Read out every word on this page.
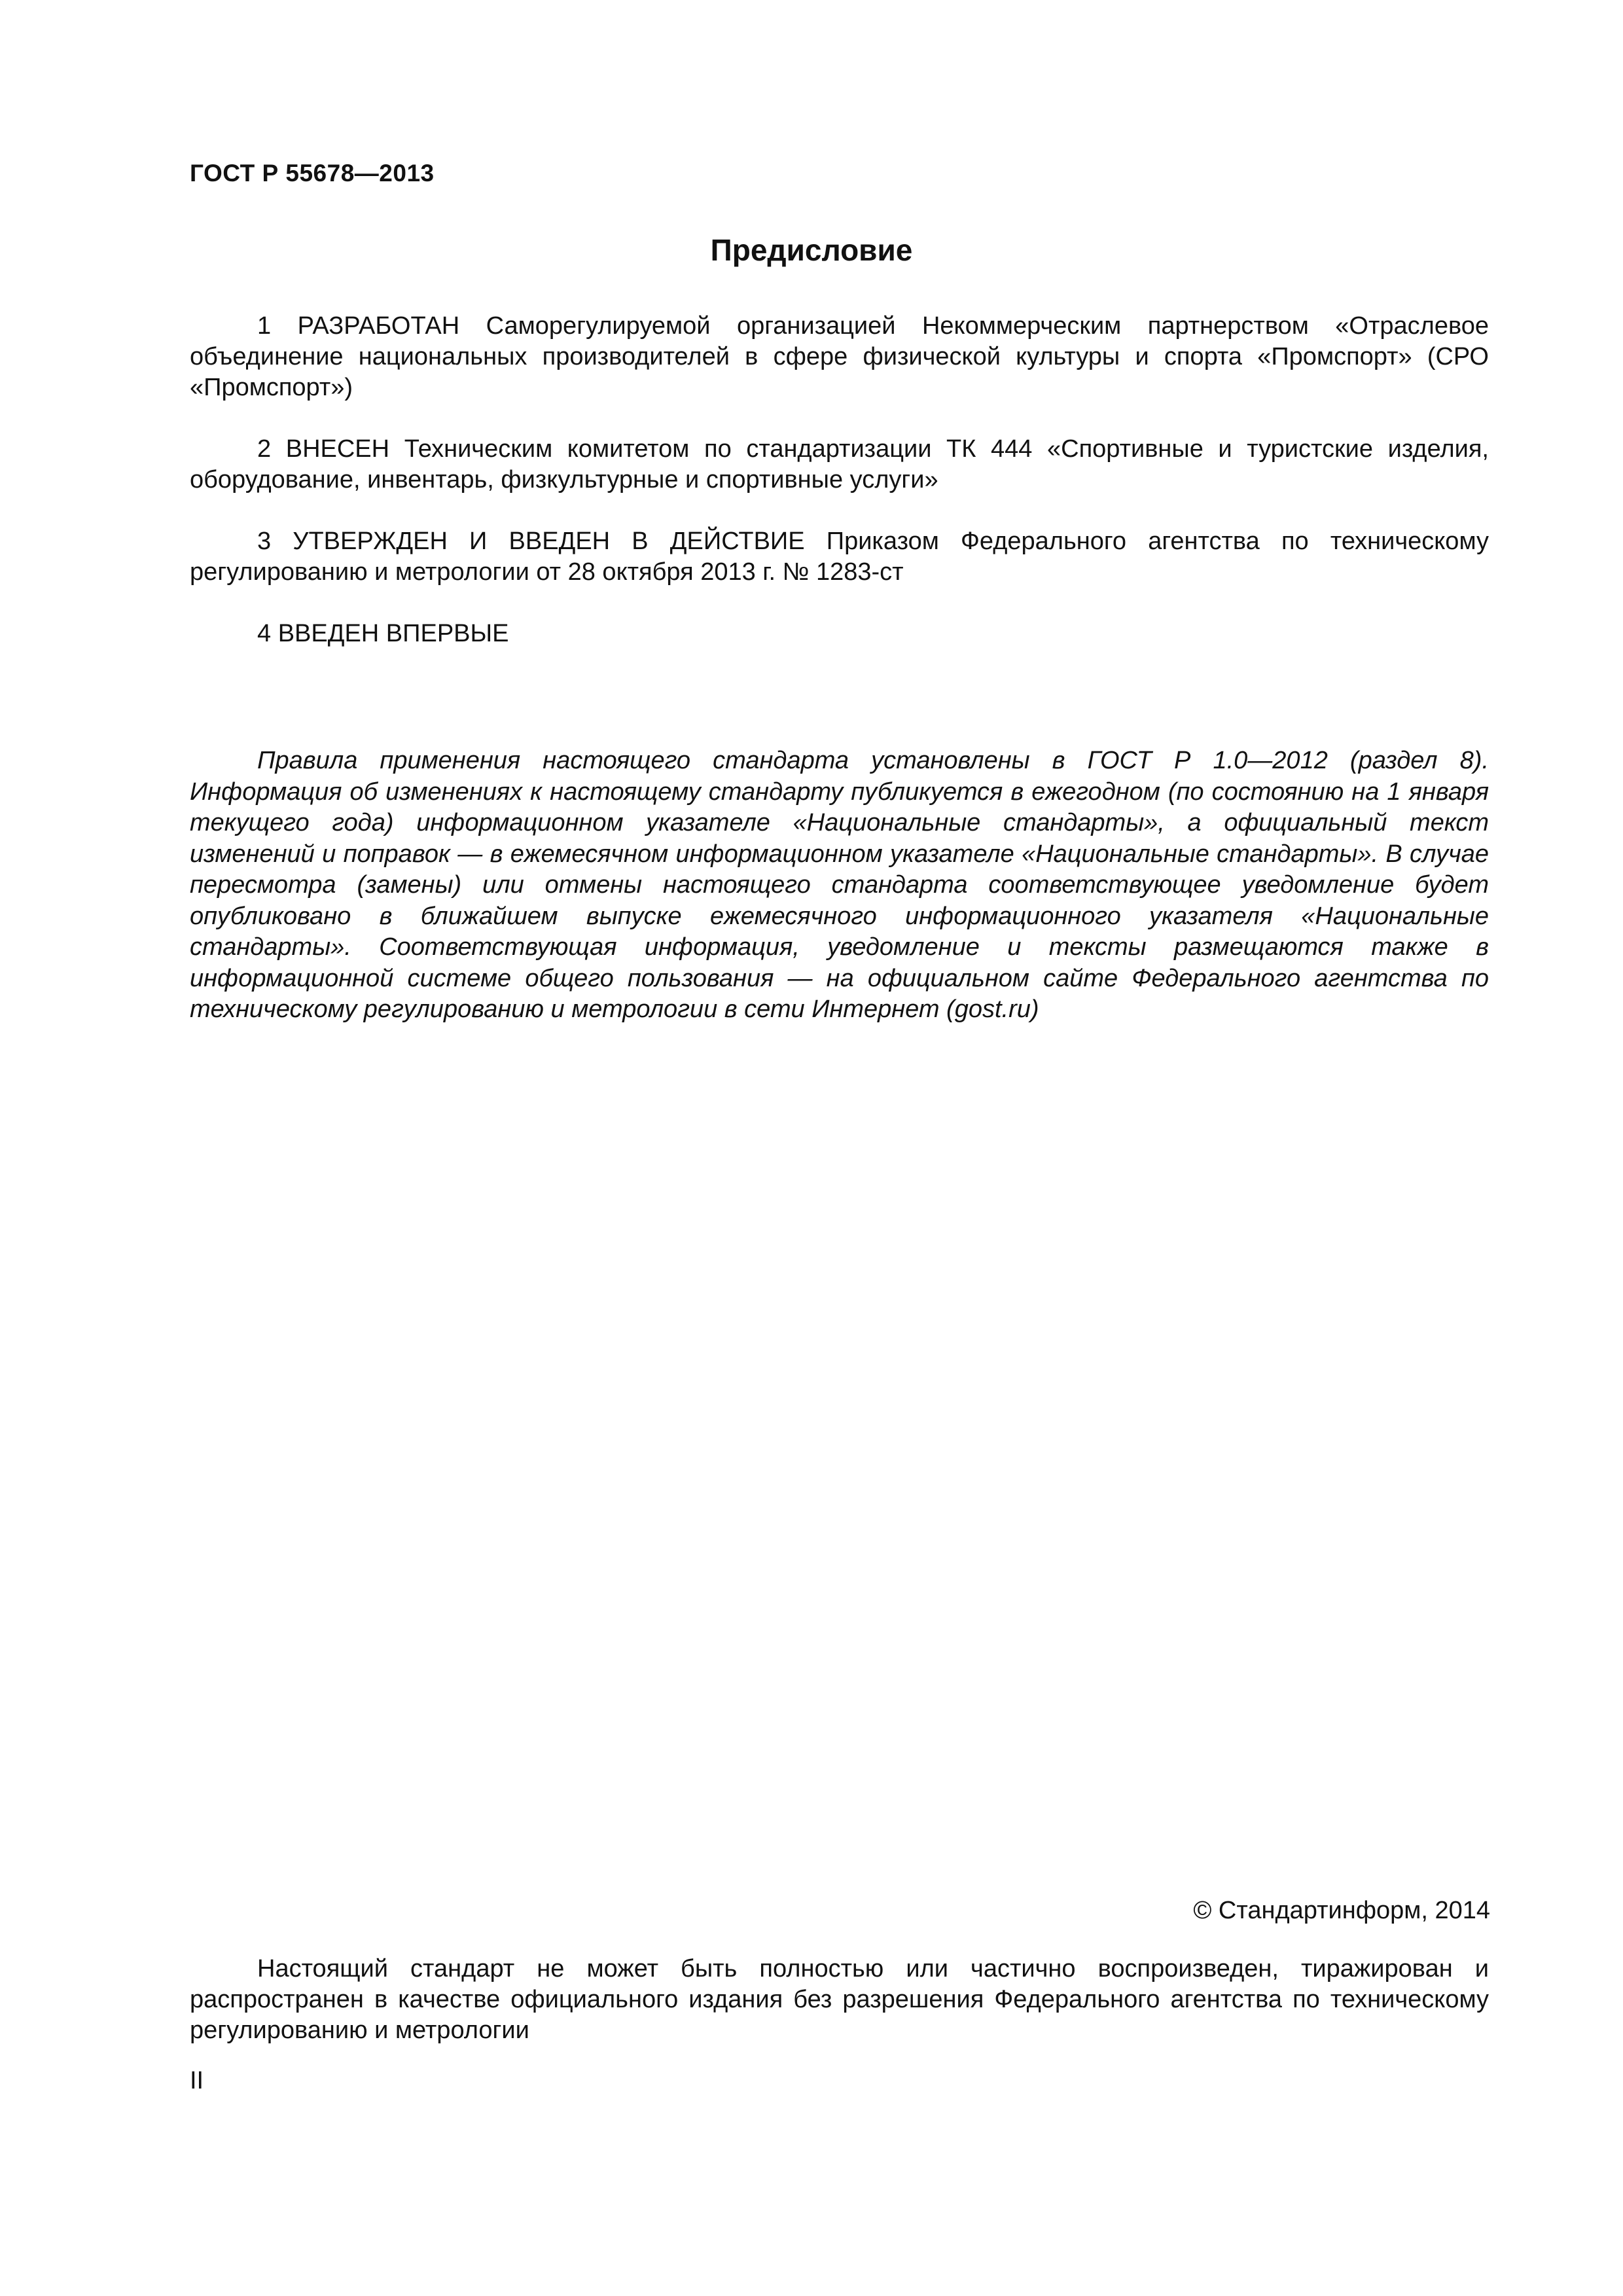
ГОСТ Р 55678—2013
Предисловие

1 РАЗРАБОТАН Саморегулируемой организацией Некоммерческим партнерством «Отраслевое объединение национальных производителей в сфере физической культуры и спорта «Промспорт» (СРО «Промспорт»)

2 ВНЕСЕН Техническим комитетом по стандартизации ТК 444 «Спортивные и туристские изделия, оборудование, инвентарь, физкультурные и спортивные услуги»

3 УТВЕРЖДЕН И ВВЕДЕН В ДЕЙСТВИЕ Приказом Федерального агентства по техническому регулированию и метрологии от 28 октября 2013 г. № 1283-ст

4 ВВЕДЕН ВПЕРВЫЕ

Правила применения настоящего стандарта установлены в ГОСТ Р 1.0—2012 (раздел 8). Информация об изменениях к настоящему стандарту публикуется в ежегодном (по состоянию на 1 января текущего года) информационном указателе «Национальные стандарты», а официальный текст изменений и поправок — в ежемесячном информационном указателе «Национальные стандарты». В случае пересмотра (замены) или отмены настоящего стандарта соответствующее уведомление будет опубликовано в ближайшем выпуске ежемесячного информационного указателя «Национальные стандарты». Соответствующая информация, уведомление и тексты размещаются также в информационной системе общего пользования — на официальном сайте Федерального агентства по техническому регулированию и метрологии в сети Интернет (gost.ru)

© Стандартинформ, 2014

Настоящий стандарт не может быть полностью или частично воспроизведен, тиражирован и распространен в качестве официального издания без разрешения Федерального агентства по техническому регулированию и метрологии

II
